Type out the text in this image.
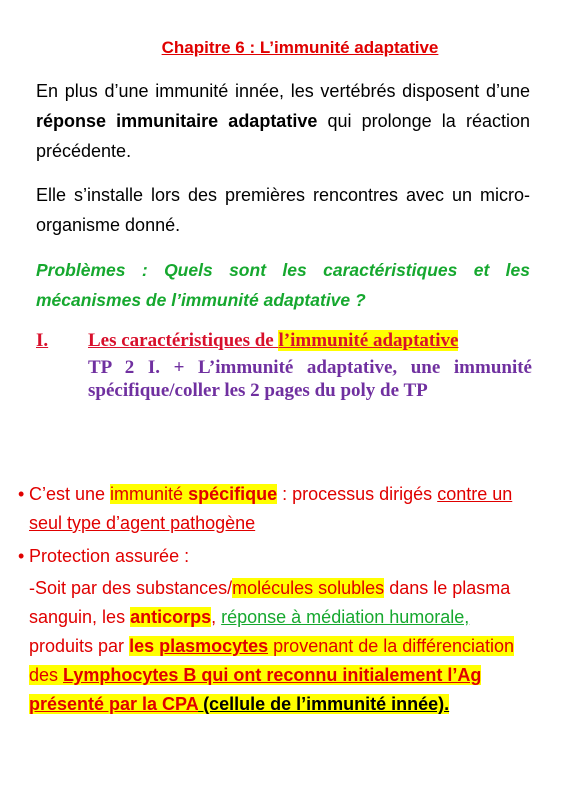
Chapitre 6 : L’immunité adaptative
En plus d’une immunité innée, les vertébrés disposent d’une réponse immunitaire adaptative qui prolonge la réaction précédente.
Elle s’installe lors des premières rencontres avec un micro-organisme donné.
Problèmes : Quels sont les caractéristiques et les mécanismes de l’immunité adaptative ?
I. Les caractéristiques de l’immunité adaptative
TP 2 I. + L’immunité adaptative, une immunité spécifique/coller les 2 pages du poly de TP
• C’est une immunité spécifique : processus dirigés contre un seul type d’agent pathogène
• Protection assurée :
-Soit par des substances/molécules solubles dans le plasma sanguin, les anticorps, réponse à médiation humorale, produits par les plasmocytes provenant de la différenciation des Lymphocytes B qui ont reconnu initialement l’Ag présenté par la CPA (cellule de l’immunité innée).
